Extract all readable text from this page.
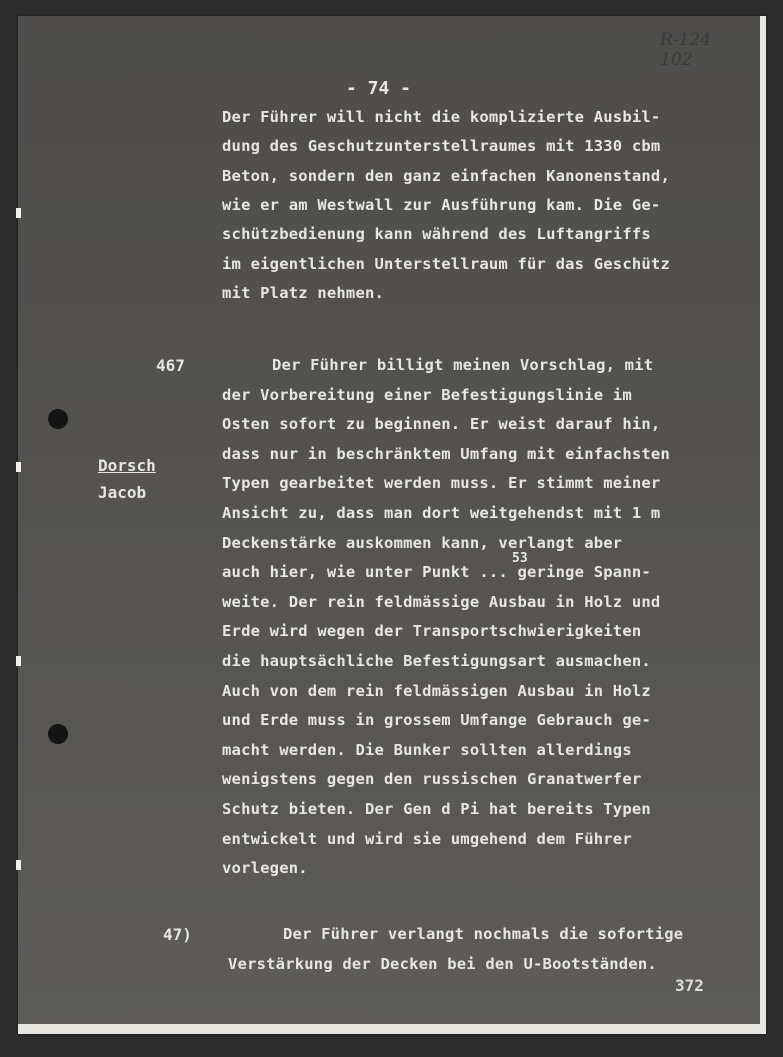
- 74 -
R-124
102
Der Führer will nicht die komplizierte Ausbil-
dung des Geschutzunterstellraumes mit 1330 cbm
Beton, sondern den ganz einfachen Kanonenstand,
wie er am Westwall zur Ausführung kam. Die Ge-
schützbedienung kann während des Luftangriffs
im eigentlichen Unterstellraum für das Geschütz
mit Platz nehmen.
467
Dorsch
Jacob
53
Der Führer billigt meinen Vorschlag, mit
der Vorbereitung einer Befestigungslinie im
Osten sofort zu beginnen. Er weist darauf hin,
dass nur in beschränktem Umfang mit einfachsten
Typen gearbeitet werden muss. Er stimmt meiner
Ansicht zu, dass man dort weitgehendst mit 1 m
Deckenstärke auskommen kann, verlangt aber
auch hier, wie unter Punkt ... geringe Spann-
weite. Der rein feldmässige Ausbau in Holz und
Erde wird wegen der Transportschwierigkeiten
die hauptsächliche Befestigungsart ausmachen.
Auch von dem rein feldmässigen Ausbau in Holz
und Erde muss in grossem Umfange Gebrauch ge-
macht werden. Die Bunker sollten allerdings
wenigstens gegen den russischen Granatwerfer
Schutz bieten. Der Gen d Pi hat bereits Typen
entwickelt und wird sie umgehend dem Führer
vorlegen.
47)	Der Führer verlangt nochmals die sofortige
Verstärkung der Decken bei den U-Bootständen.
372
